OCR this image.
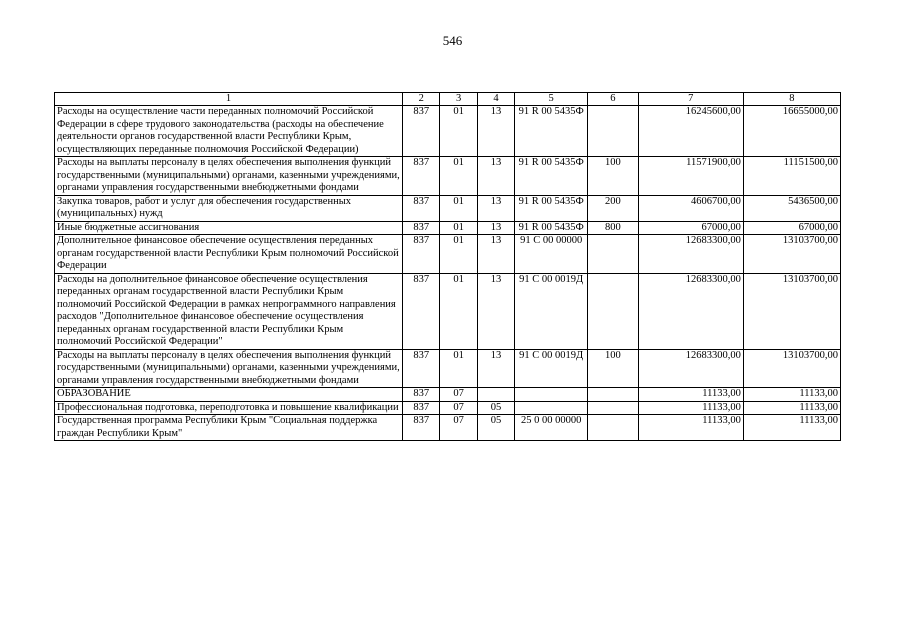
546
1	2	3	4	5	6	7	8
Расходы на осуществление части переданных полномочий Российской Федерации в сфере трудового законодательства (расходы на обеспечение деятельности органов государственной власти Республики Крым, осуществляющих переданные полномочия Российской Федерации)	837	01	13	91 R 00 5435Ф		16245600,00	16655000,00
Расходы на выплаты персоналу в целях обеспечения выполнения функций государственными (муниципальными) органами, казенными учреждениями, органами управления государственными внебюджетными фондами	837	01	13	91 R 00 5435Ф	100	11571900,00	11151500,00
Закупка товаров, работ и услуг для обеспечения государственных (муниципальных) нужд	837	01	13	91 R 00 5435Ф	200	4606700,00	5436500,00
Иные бюджетные ассигнования	837	01	13	91 R 00 5435Ф	800	67000,00	67000,00
Дополнительное финансовое обеспечение осуществления переданных органам государственной власти Республики Крым полномочий Российской Федерации	837	01	13	91 С 00 00000		12683300,00	13103700,00
Расходы на дополнительное финансовое обеспечение осуществления переданных органам государственной власти Республики Крым полномочий Российской Федерации в рамках непрограммного направления расходов "Дополнительное финансовое обеспечение осуществления переданных органам государственной власти Республики Крым полномочий Российской Федерации"	837	01	13	91 С 00 0019Д		12683300,00	13103700,00
Расходы на выплаты персоналу в целях обеспечения выполнения функций государственными (муниципальными) органами, казенными учреждениями, органами управления государственными внебюджетными фондами	837	01	13	91 С 00 0019Д	100	12683300,00	13103700,00
ОБРАЗОВАНИЕ	837	07				11133,00	11133,00
Профессиональная подготовка, переподготовка и повышение квалификации	837	07	05			11133,00	11133,00
Государственная программа Республики Крым "Социальная поддержка граждан Республики Крым"	837	07	05	25 0 00 00000		11133,00	11133,00
